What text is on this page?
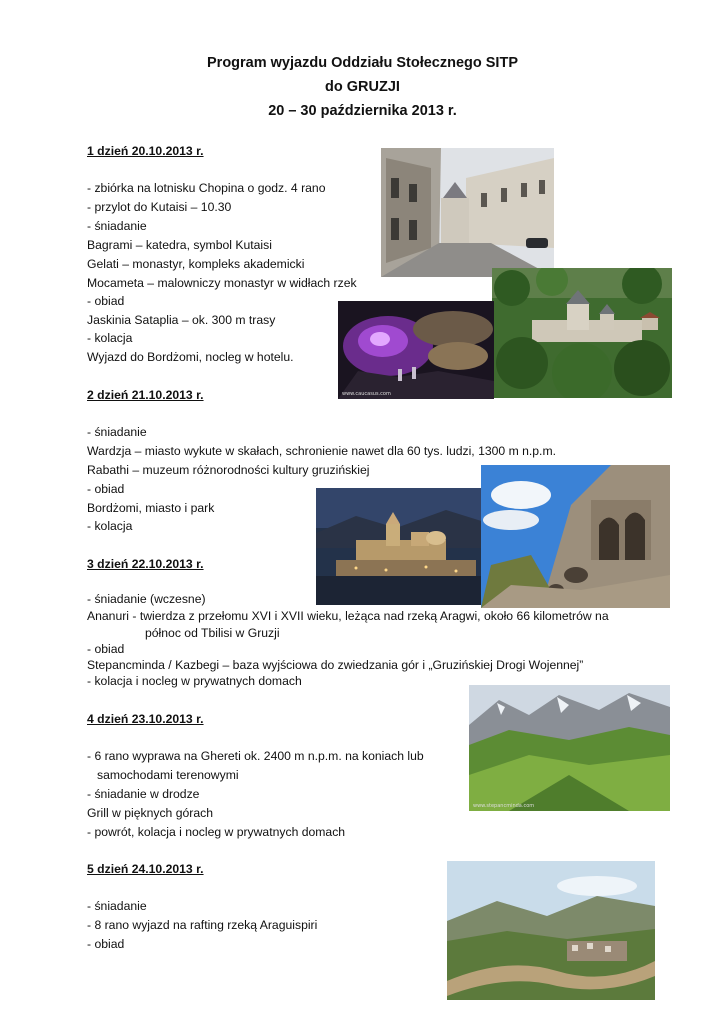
Program wyjazdu Oddziału Stołecznego SITP
do GRUZJI
20 – 30 października 2013 r.
1 dzień 20.10.2013 r.
- zbiórka na lotnisku Chopina o godz. 4 rano
- przylot do Kutaisi – 10.30
- śniadanie
Bagrami – katedra, symbol Kutaisi
Gelati – monastyr, kompleks akademicki
Mocameta – malowniczy monastyr w widłach rzek
- obiad
Jaskinia Sataplia – ok. 300 m trasy
- kolacja
Wyjazd do Bordżomi, nocleg w hotelu.
2 dzień 21.10.2013 r.
- śniadanie
Wardzja – miasto wykute w skałach, schronienie nawet dla 60 tys. ludzi, 1300 m n.p.m.
Rabathi – muzeum różnorodności kultury gruzińskiej
- obiad
Bordżomi, miasto i park
- kolacja
3 dzień 22.10.2013 r.
- śniadanie (wczesne)
Ananuri - twierdza z przełomu XVI i XVII wieku, leżąca nad rzeką Aragwi, około 66 kilometrów na
północ od Tbilisi w Gruzji
- obiad
Stepancminda / Kazbegi – baza wyjściowa do zwiedzania gór i „Gruzińskiej Drogi Wojennej”
- kolacja i nocleg w prywatnych domach
4 dzień 23.10.2013 r.
- 6 rano wyprawa na Ghereti ok. 2400 m n.p.m. na koniach lub
samochodami terenowymi
- śniadanie w drodze
Grill w pięknych górach
- powrót, kolacja i nocleg w prywatnych domach
5 dzień 24.10.2013 r.
- śniadanie
- 8 rano wyjazd na rafting rzeką Araguispiri
- obiad
www.caucasus.com
www.stepancminda.com
